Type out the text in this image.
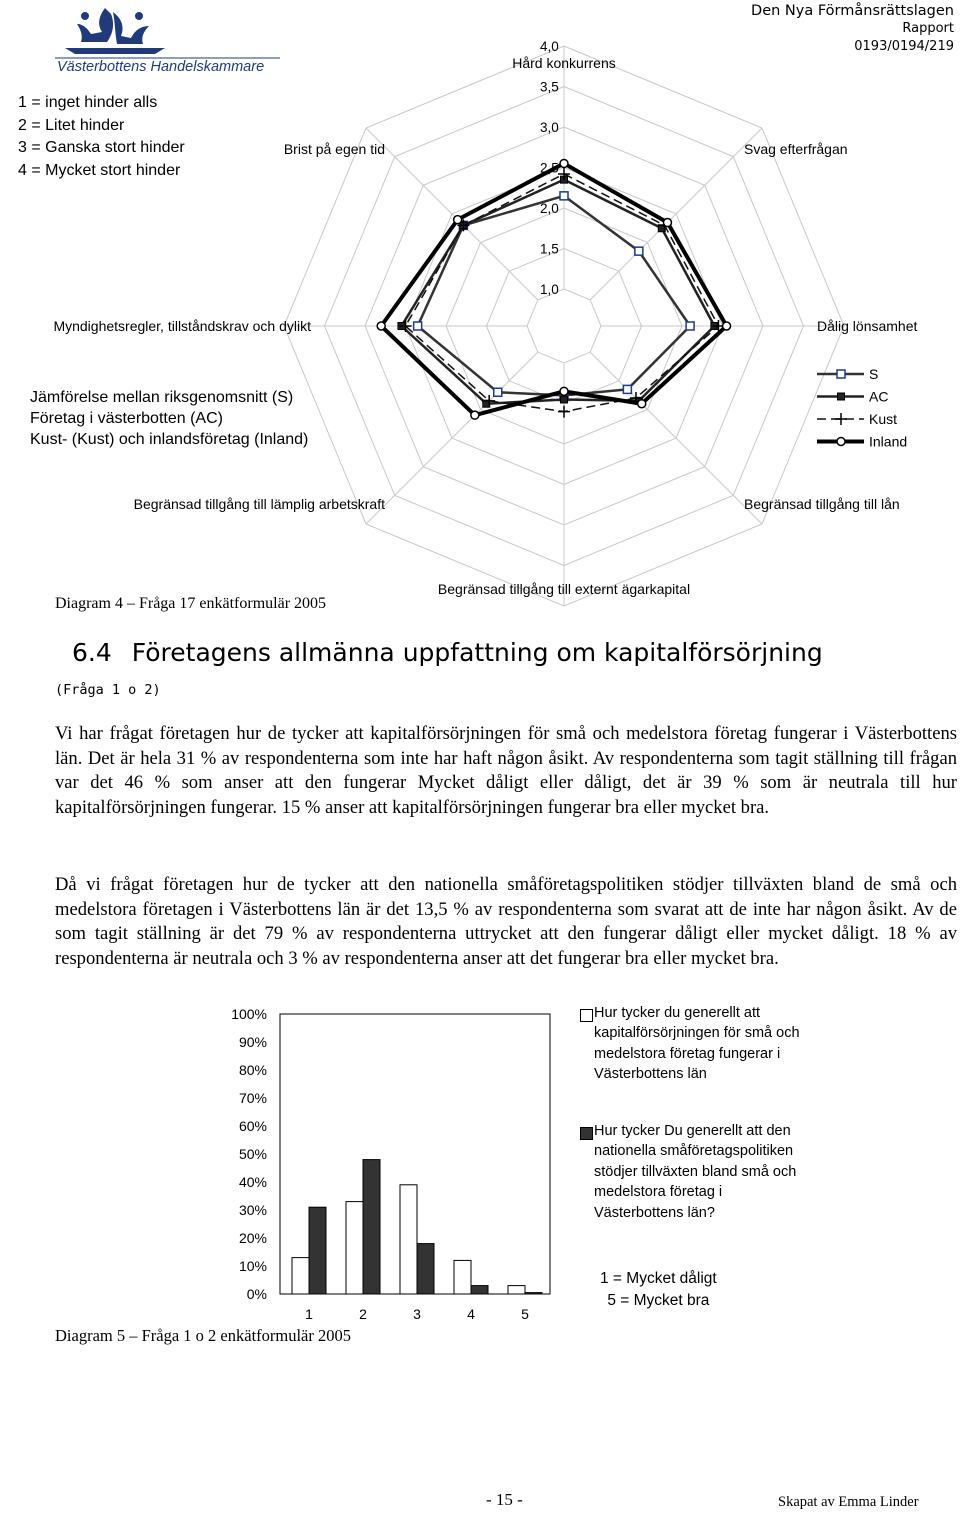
Västerbottens Handelskammare
Den Nya Förmånsrättslagen
Rapport
0193/0194/219
1 = inget hinder alls
2 = Litet hinder
3 = Ganska stort hinder
4 = Mycket stort hinder
Jämförelse mellan riksgenomsnitt (S)
Företag i västerbotten (AC)
Kust- (Kust) och inlandsföretag (Inland)
1,0
1,5
2,0
2,5
3,0
3,5
4,0
Hård konkurrens
Svag efterfrågan
Dålig lönsamhet
Begränsad tillgång till lån
Begränsad tillgång till externt ägarkapital
Begränsad tillgång till lämplig arbetskraft
Myndighetsregler, tillståndskrav och dylikt
Brist på egen tid
S
AC
Kust
Inland
Diagram 4 – Fråga 17 enkätformulär 2005
6.4 Företagens allmänna uppfattning om kapitalförsörjning
(Fråga 1 o 2)

Vi har frågat företagen hur de tycker att kapitalförsörjningen för små och medelstora företag fungerar i Västerbottens län. Det är hela 31 % av respondenterna som inte har haft någon åsikt. Av respondenterna som tagit ställning till frågan var det 46 % som anser att den fungerar Mycket dåligt eller dåligt, det är 39 % som är neutrala till hur kapitalförsörjningen fungerar. 15 % anser att kapitalförsörjningen fungerar bra eller mycket bra.

Då vi frågat företagen hur de tycker att den nationella småföretagspolitiken stödjer tillväxten bland de små och medelstora företagen i Västerbottens län är det 13,5 % av respondenterna som svarat att de inte har någon åsikt. Av de som tagit ställning är det 79 % av respondenterna uttrycket att den fungerar dåligt eller mycket dåligt. 18 % av respondenterna är neutrala och 3 % av respondenterna anser att det fungerar bra eller mycket bra.

0%
10%
20%
30%
40%
50%
60%
70%
80%
90%
100%
1	2	3	4	5
Hur tycker du generellt att kapitalförsörjningen för små och medelstora företag fungerar i Västerbottens län
Hur tycker Du generellt att den nationella småföretagspolitiken stödjer tillväxten bland små och medelstora företag i Västerbottens län?
1 = Mycket dåligt
5 = Mycket bra
Diagram 5 – Fråga 1 o 2 enkätformulär 2005
- 15 -	Skapat av Emma Linder
